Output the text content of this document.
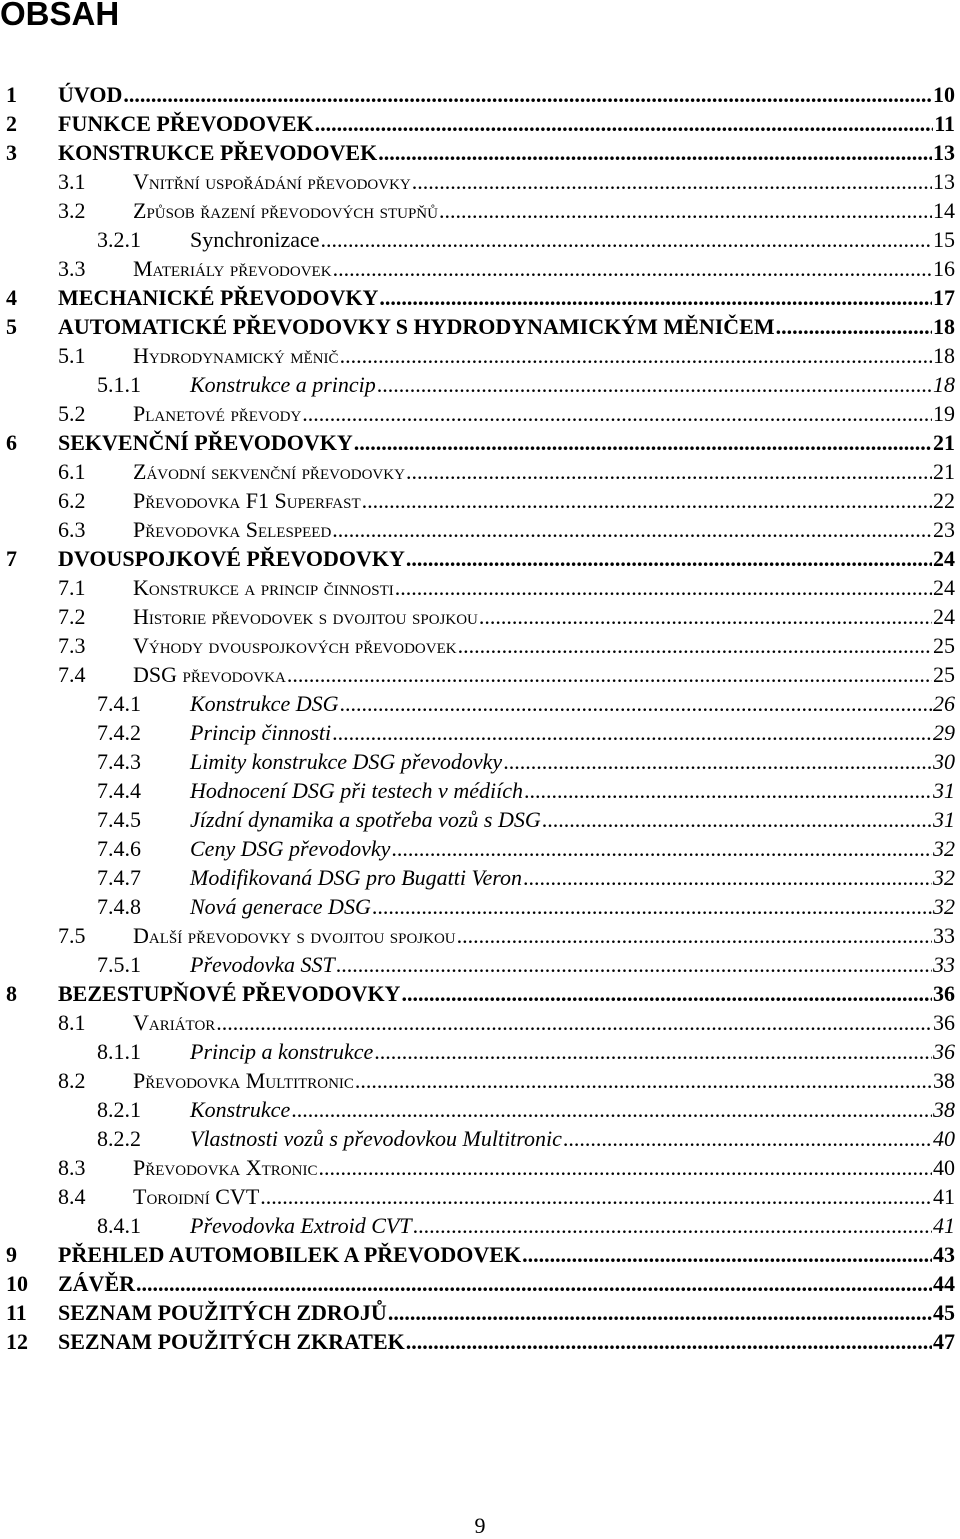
OBSAH
1 ÚVOD .....	10
2 FUNKCE PŘEVODOVEK .....	11
3 KONSTRUKCE PŘEVODOVEK .....	13
3.1 Vnitřní uspořádání převodovky .....	13
3.2 Způsob řazení převodových stupňů .....	14
3.2.1 Synchronizace .....	15
3.3 Materiály převodovek .....	16
4 MECHANICKÉ PŘEVODOVKY .....	17
5 AUTOMATICKÉ PŘEVODOVKY S HYDRODYNAMICKÝM MĚNIČEM .....	18
5.1 Hydrodynamický měnič .....	18
5.1.1 Konstrukce a princip .....	18
5.2 Planetové převody .....	19
6 SEKVENČNÍ PŘEVODOVKY .....	21
6.1 Závodní sekvenční převodovky .....	21
6.2 Převodovka F1 Superfast .....	22
6.3 Převodovka Selespeed .....	23
7 DVOUSPOJKOVÉ PŘEVODOVKY .....	24
7.1 Konstrukce a princip činnosti .....	24
7.2 Historie převodovek s dvojitou spojkou .....	24
7.3 Výhody dvouspojkových převodovek .....	25
7.4 DSG převodovka .....	25
7.4.1 Konstrukce DSG .....	26
7.4.2 Princip činnosti .....	29
7.4.3 Limity konstrukce DSG převodovky .....	30
7.4.4 Hodnocení DSG při testech v médiích .....	31
7.4.5 Jízdní dynamika a spotřeba vozů s DSG .....	31
7.4.6 Ceny DSG převodovky .....	32
7.4.7 Modifikovaná DSG pro Bugatti Veron .....	32
7.4.8 Nová generace DSG .....	32
7.5 Další převodovky s dvojitou spojkou .....	33
7.5.1 Převodovka SST .....	33
8 BEZESTUPŇOVÉ PŘEVODOVKY .....	36
8.1 Variátor .....	36
8.1.1 Princip a konstrukce .....	36
8.2 Převodovka Multitronic .....	38
8.2.1 Konstrukce .....	38
8.2.2 Vlastnosti vozů s převodovkou Multitronic .....	40
8.3 Převodovka Xtronic .....	40
8.4 Toroidní CVT .....	41
8.4.1 Převodovka Extroid CVT .....	41
9 PŘEHLED AUTOMOBILEK A PŘEVODOVEK .....	43
10 ZÁVĚR .....	44
11 SEZNAM POUŽITÝCH ZDROJŮ .....	45
12 SEZNAM POUŽITÝCH ZKRATEK .....	47
9
